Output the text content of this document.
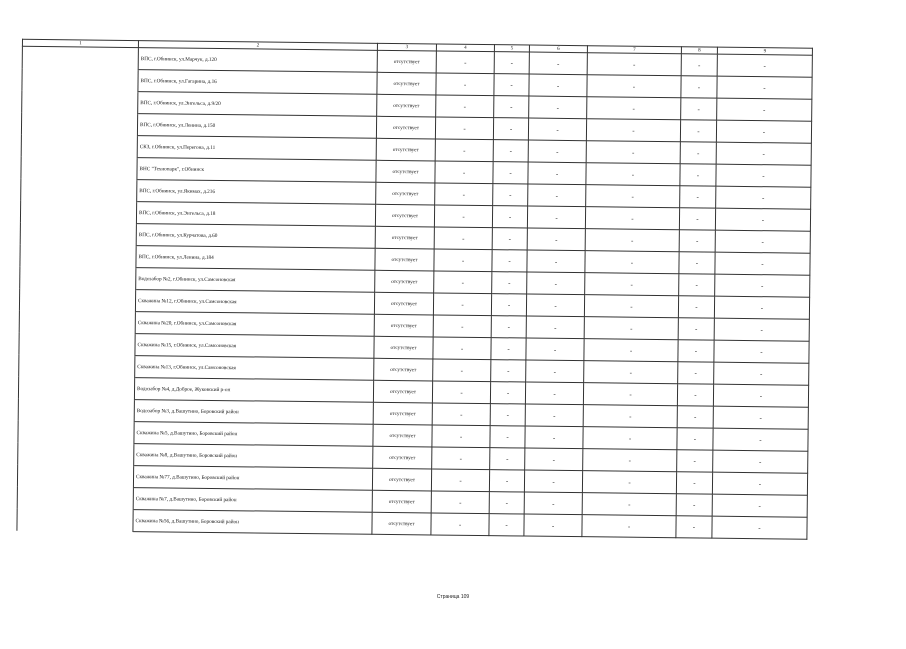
1	2	3	4	5	6	7	8	9
	ВПС, г.Обнинск, ул.Марчук, д.120	отсутствует	-	-	-	-	-	-
	ВПС, г.Обнинск, ул.Гагарина, д.16	отсутствует	-	-	-	-	-	-
	ВПС, г.Обнинск, ул.Энгельса, д.9/20	отсутствует	-	-	-	-	-	-
	ВПС, г.Обнинск, ул.Ленина, д.150	отсутствует	-	-	-	-	-	-
	СКЗ, г.Обнинск, ул.Перегона, д.11	отсутствует	-	-	-	-	-	-
	ВНС "Технопарк", г.Обнинск	отсутствует	-	-	-	-	-	-
	ВПС, г.Обнинск, ул.Якимах, д.216	отсутствует	-	-	-	-	-	-
	ВПС, г.Обнинск, ул.Энгельса, д.18	отсутствует	-	-	-	-	-	-
	ВПС, г.Обнинск, ул.Курчатова, д.60	отсутствует	-	-	-	-	-	-
	ВПС, г.Обнинск, ул.Ленина, д.184	отсутствует	-	-	-	-	-	-
	Водозабор №2, г.Обнинск, ул.Самсоновская	отсутствует	-	-	-	-	-	-
	Скважина №12, г.Обнинск, ул.Самсоновская	отсутствует	-	-	-	-	-	-
	Скважина №20, г.Обнинск, ул.Самсоновская	отсутствует	-	-	-	-	-	-
	Скважина №15, г.Обнинск, ул.Самсоновская	отсутствует	-	-	-	-	-	-
	Скважина №13, г.Обнинск, ул.Самсоновская	отсутствует	-	-	-	-	-	-
	Водозабор №4, д.Доброе, Жуковский р-он	отсутствует	-	-	-	-	-	-
	Водозабор №3, д.Вашутино, Боровский район	отсутствует	-	-	-	-	-	-
	Скважина №5, д.Вашутино, Боровский район	отсутствует	-	-	-	-	-	-
	Скважина №8, д.Вашутино, Боровский район	отсутствует	-	-	-	-	-	-
	Скважина №77, д.Вашутино, Боровский район	отсутствует	-	-	-	-	-	-
	Скважина №7, д.Вашутино, Боровский район	отсутствует	-	-	-	-	-	-
	Скважина №56, д.Вашутино, Боровский район	отсутствует	-	-	-	-	-	-
Страница 109
